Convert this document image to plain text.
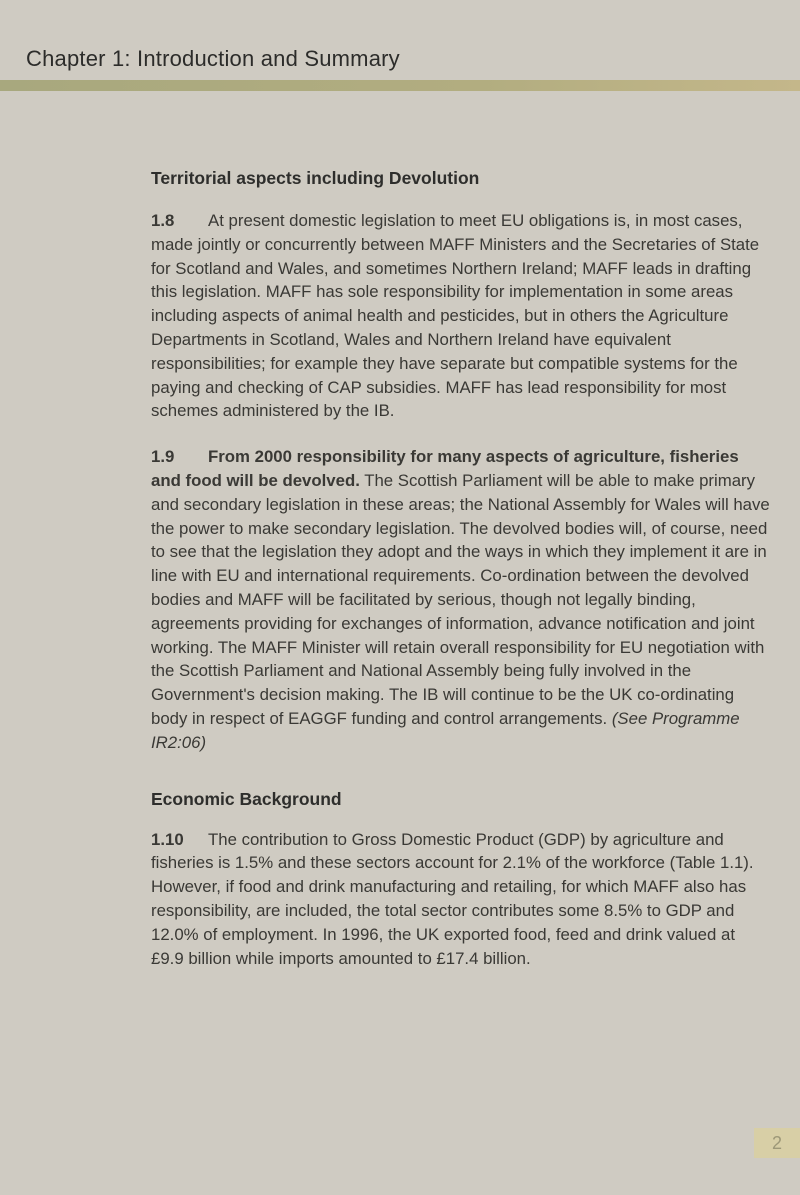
Chapter 1: Introduction and Summary
Territorial aspects including Devolution

1.8 At present domestic legislation to meet EU obligations is, in most cases, made jointly or concurrently between MAFF Ministers and the Secretaries of State for Scotland and Wales, and sometimes Northern Ireland; MAFF leads in drafting this legislation. MAFF has sole responsibility for implementation in some areas including aspects of animal health and pesticides, but in others the Agriculture Departments in Scotland, Wales and Northern Ireland have equivalent responsibilities; for example they have separate but compatible systems for the paying and checking of CAP subsidies. MAFF has lead responsibility for most schemes administered by the IB.

1.9 From 2000 responsibility for many aspects of agriculture, fisheries and food will be devolved. The Scottish Parliament will be able to make primary and secondary legislation in these areas; the National Assembly for Wales will have the power to make secondary legislation. The devolved bodies will, of course, need to see that the legislation they adopt and the ways in which they implement it are in line with EU and international requirements. Co-ordination between the devolved bodies and MAFF will be facilitated by serious, though not legally binding, agreements providing for exchanges of information, advance notification and joint working. The MAFF Minister will retain overall responsibility for EU negotiation with the Scottish Parliament and National Assembly being fully involved in the Government's decision making. The IB will continue to be the UK co-ordinating body in respect of EAGGF funding and control arrangements. (See Programme IR2:06)

Economic Background

1.10 The contribution to Gross Domestic Product (GDP) by agriculture and fisheries is 1.5% and these sectors account for 2.1% of the workforce (Table 1.1). However, if food and drink manufacturing and retailing, for which MAFF also has responsibility, are included, the total sector contributes some 8.5% to GDP and 12.0% of employment. In 1996, the UK exported food, feed and drink valued at £9.9 billion while imports amounted to £17.4 billion.

2
